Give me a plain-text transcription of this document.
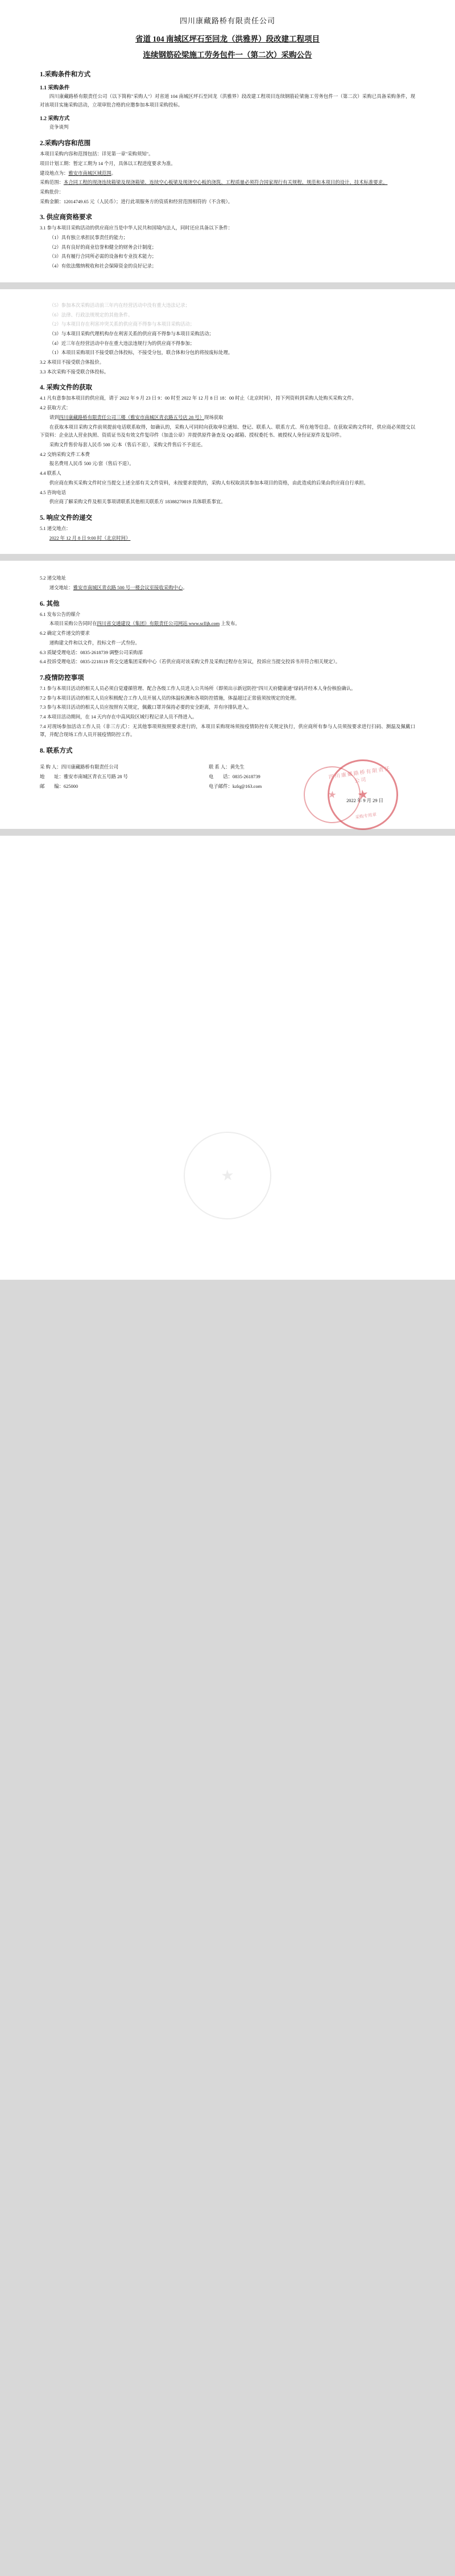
四川康藏路桥有限责任公司
省道 104 南城区坪石至回龙（洪雅界）段改建工程项目
连续钢筋砼梁施工劳务包件一（第二次）采购公告
1.采购条件和方式
1.1 采购条件
四川康藏路桥有限责任公司（以下简称"采购人"）对省道 104 南城区坪石至回龙（洪雅界）段改建工程项目连续钢筋砼梁施工劳务包件一（第二次）采购已具备采购条件，现对该项目实施采购活动，立项审批合格的应邀参加本项目采购投标。
1.2 采购方式
竞争谈判
2.采购内容和范围
本项目采购内容和范围包括：详见第一章"采购须知"。
项目计划工期：暂定工期为 14 个月，具体以工程进度要求为准。
建设地点为：雅安市南城区域范围。
采购范围：本合同工程的现浇连续箱梁及现浇箱梁、连续空心板梁及现浇空心板的浇筑、工程质量必须符合国家现行有关规程、规范和本项目的设计、技术标准要求。
采购批价：
采购金额：12014749.65 元（人民币）；进行此项服务方的资质和经营范围相符的（不含税）。
3. 供应商资格要求
3.1 参与本项目采购活动的供应商应当是中华人民共和国境内法人，同时还应具备以下条件：
（1）具有独立承担民事责任的能力；
（2）具有良好的商业信誉和健全的财务会计制度；
（3）具有履行合同所必需的设备和专业技术能力；
（4）有依法缴纳税收和社会保障资金的良好记录；
（5）参加本次采购活动前三年内在经营活动中没有重大违法记录；
（6）法律、行政法规规定的其他条件。
（2）与本项目存在利害冲突关系的供应商不得参与本项目采购活动；
（3）与本项目采购代理机构存在利害关系的供应商不得参与本项目采购活动；
（4）近三年在经营活动中存在重大违法违规行为的供应商不得参加；
（1）本项目采购项目不接受联合体投标，不接受分包，联合体和分包的将按废标处理。
3.2 本项目不接受联合体报价。
3.3 本次采购不接受联合体投标。
4. 采购文件的获取
4.1 凡有意参加本项目的供应商，请于 2022 年 9 月 23 日 9：00 时至 2022 年 12 月 8 日 18：00 时止（北京时间），持下列资料到采购人处购买采购文件。
4.2 获取方式：
请到四川康藏路桥有限责任公司三楼（雅安市南城区青衣路五号店 28 号）现场获取
在获取本项目采购文件前须提前电话联系取得，如确认的，采购人可同时向获取单位通知、登记、联系人、联系方式、所在地等信息。在获取采购文件时，供应商必须提交以下资料：企业法人营业执照、资质证书及有效文件复印件（加盖公章）并提供原件备查及 QQ 邮箱、授权委托书、被授权人身份证原件及复印件。
采购文件售价每套人民币 500 元/本（售后不退），采购文件售后不予退还。
4.2 交纳采购文件工本费
报名费用人民币 500 元/套（售后不退）。
4.4 联系人
供应商在购买采购文件时应当提交上述全部有关文件资料，未按要求提供的，采购人有权取消其参加本项目的资格，由此造成的后果由供应商自行承担。
4.5 咨询电话
供应商了解采购文件及相关事项请联系其他相关联系方 18388270019 具体联系事宜。
5. 响应文件的递交
5.1 递交地点：
2022 年 12 月 8 日 9:00 时（北京时间）
5.2 递交地址
递交地址：雅安市南城区青衣路 500 号一楼会议室接收采购中心。
6. 其他
6.1 发布公告的媒介
本项目采购公告同时在四川省交通建设（集团）有限责任公司网站 www.sclljh.com 上发布。
6.2 确定文件递交的要求
递购建文件和以文件，投标文件一式叁份。
6.3 质疑受理电话：0835-2618739 调整公司采购部
6.4 投诉受理电话：0835-2218119 将交交通集团采购中心（若供应商对该采购文件及采购过程存在异议，投诉应当提交投诉书并符合相关规定）。
7.疫情防控事项
7.1 参与本项目活动的相关人员必须自觉遵循管理、配合各级工作人员进入公共场所（即须出示新冠防控"四川天府健康通"绿码并经本人身份核验确认。
7.2 参与本项目活动的相关人员应积极配合工作人员开展人员的体温检测和各项防控措施，体温超过正常值须按规定的处理。
7.3 参与本项目活动的相关人员应按照有关规定，佩戴口罩并保持必要的安全距离，并有序排队进入。
7.4 本项目活动期间，在 14 天内存在中高风险区域行程记录人员不得进入。
7.4 对现场参加活动工作人员（非三方式）：无其他事项须按照要求进行的，本项目采购现场须按疫情防控有关规定执行，供应商所有参与人员须按要求进行扫码、测温及佩戴口罩，并配合现场工作人员开展疫情防控工作。
8. 联系方式
★
四川康藏路桥有限责任公司
★
采购专用章
采 购 人：四川康藏路桥有限责任公司	联 系 人：黄先生
地　　址：雅安市南城区青衣五号路 28 号	电　　话：0835-2618739
邮　　编：625000	电子邮件：kzlq@163.com
2022 年 9 月 29 日
★
